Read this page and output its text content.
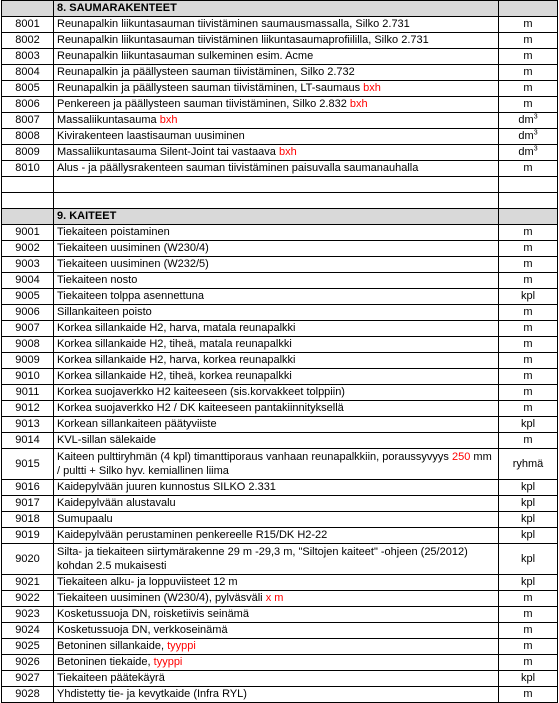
	8. SAUMARAKENTEET	
8001	Reunapalkin liikuntasauman tiivistäminen saumausmassalla, Silko 2.731	m
8002	Reunapalkin liikuntasauman tiivistäminen liikuntasaumaprofiililla, Silko 2.731	m
8003	Reunapalkin liikuntasauman sulkeminen esim. Acme	m
8004	Reunapalkin ja päällysteen sauman tiivistäminen, Silko 2.732	m
8005	Reunapalkin ja päällysteen sauman tiivistäminen, LT-saumaus bxh	m
8006	Penkereen ja päällysteen sauman tiivistäminen, Silko 2.832 bxh	m
8007	Massaliikuntasauma bxh	$dm^3$
8008	Kivirakenteen laastisauman uusiminen	$dm^3$
8009	Massaliikuntasauma Silent-Joint tai vastaava bxh	$dm^3$
8010	Alus - ja päällysrakenteen sauman tiivistäminen paisuvalla saumanauhalla	m

	9. KAITEET	
9001	Tiekaiteen poistaminen	m
9002	Tiekaiteen uusiminen (W230/4)	m
9003	Tiekaiteen uusiminen (W232/5)	m
9004	Tiekaiteen nosto	m
9005	Tiekaiteen tolppa asennettuna	kpl
9006	Sillankaiteen poisto	m
9007	Korkea sillankaide H2, harva, matala reunapalkki	m
9008	Korkea sillankaide H2, tiheä, matala reunapalkki	m
9009	Korkea sillankaide H2, harva, korkea reunapalkki	m
9010	Korkea sillankaide H2, tiheä, korkea reunapalkki	m
9011	Korkea suojaverkko H2 kaiteeseen (sis.korvakkeet tolppiin)	m
9012	Korkea suojaverkko H2 / DK kaiteeseen pantakiinnityksellä	m
9013	Korkean sillankaiteen päätyviiste	kpl
9014	KVL-sillan sälekaide	m
9015	Kaiteen pulttiryhmän (4 kpl) timanttiporaus vanhaan reunapalkkiin, poraussyvyys 250 mm / pultti + Silko hyv. kemiallinen liima	ryhmä
9016	Kaidepylvään juuren kunnostus SILKO 2.331	kpl
9017	Kaidepylvään alustavalu	kpl
9018	Sumupaalu	kpl
9019	Kaidepylvään perustaminen penkereelle R15/DK H2-22	kpl
9020	Silta- ja tiekaiteen siirtymärakenne 29 m -29,3 m, "Siltojen kaiteet" -ohjeen (25/2012) kohdan 2.5 mukaisesti	kpl
9021	Tiekaiteen alku- ja loppuviisteet 12 m	kpl
9022	Tiekaiteen uusiminen (W230/4), pylväsväli x m	m
9023	Kosketussuoja DN, roisketiivis seinämä	m
9024	Kosketussuoja DN, verkkoseinämä	m
9025	Betoninen sillankaide, tyyppi	m
9026	Betoninen tiekaide, tyyppi	m
9027	Tiekaiteen päätekäyrä	kpl
9028	Yhdistetty tie- ja kevytkaide (Infra RYL)	m
